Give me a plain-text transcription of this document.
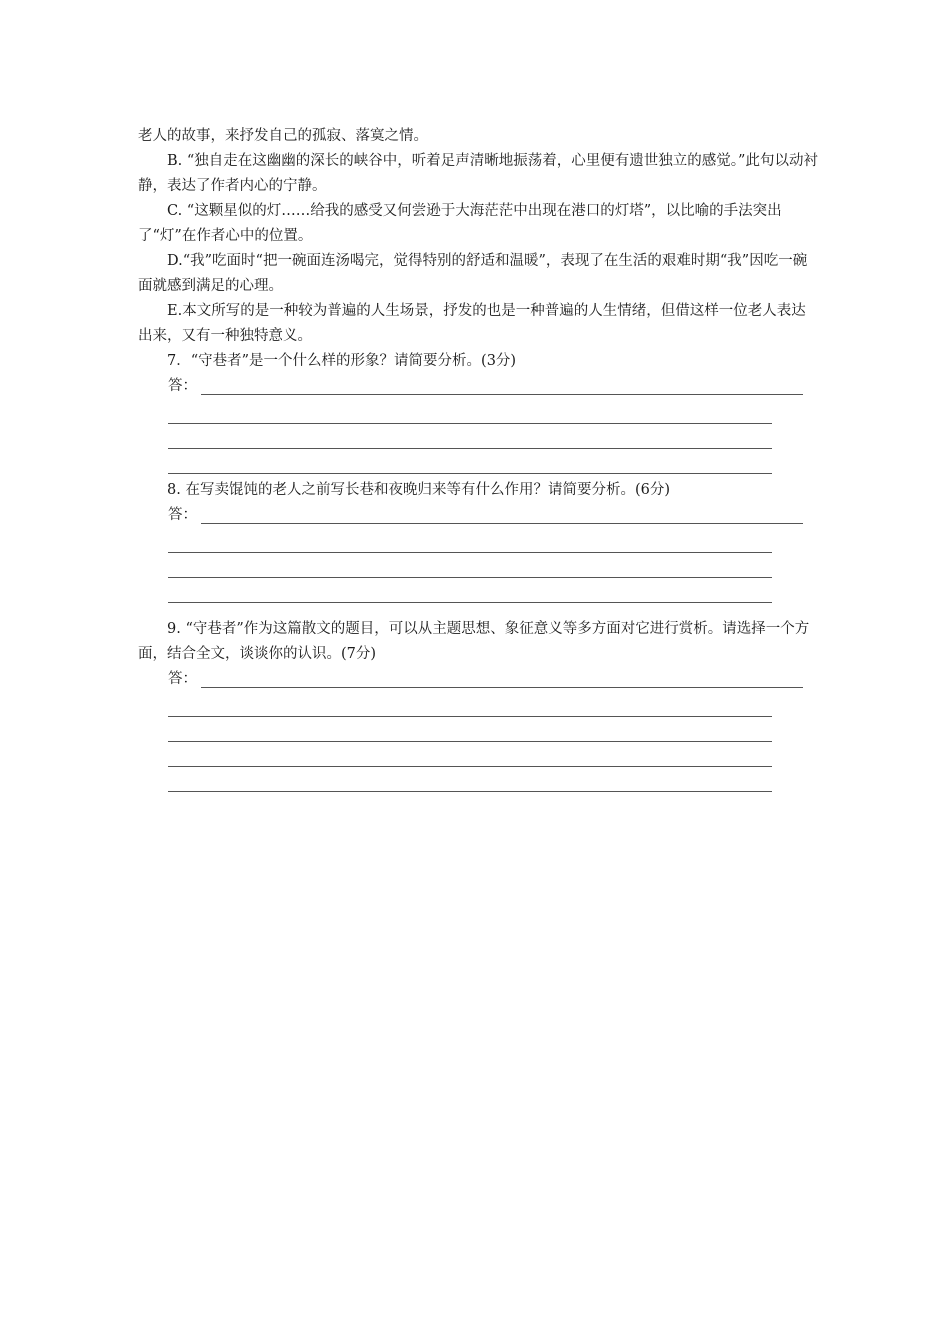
老人的故事，来抒发自己的孤寂、落寞之情。

B. “独自走在这幽幽的深长的峡谷中，听着足声清晰地振荡着，心里便有遗世独立的感觉。”此句以动衬静，表达了作者内心的宁静。

C. “这颗星似的灯……给我的感受又何尝逊于大海茫茫中出现在港口的灯塔”，以比喻的手法突出了“灯”在作者心中的位置。

D.“我”吃面时“把一碗面连汤喝完，觉得特别的舒适和温暖”，表现了在生活的艰难时期“我”因吃一碗面就感到满足的心理。

E.本文所写的是一种较为普遍的人生场景，抒发的也是一种普遍的人生情绪，但借这样一位老人表达出来，又有一种独特意义。

7．“守巷者”是一个什么样的形象？请简要分析。(3分)

答：

8. 在写卖馄饨的老人之前写长巷和夜晚归来等有什么作用？请简要分析。(6分)

答：

9. “守巷者”作为这篇散文的题目，可以从主题思想、象征意义等多方面对它进行赏析。请选择一个方面，结合全文，谈谈你的认识。(7分)

答：
